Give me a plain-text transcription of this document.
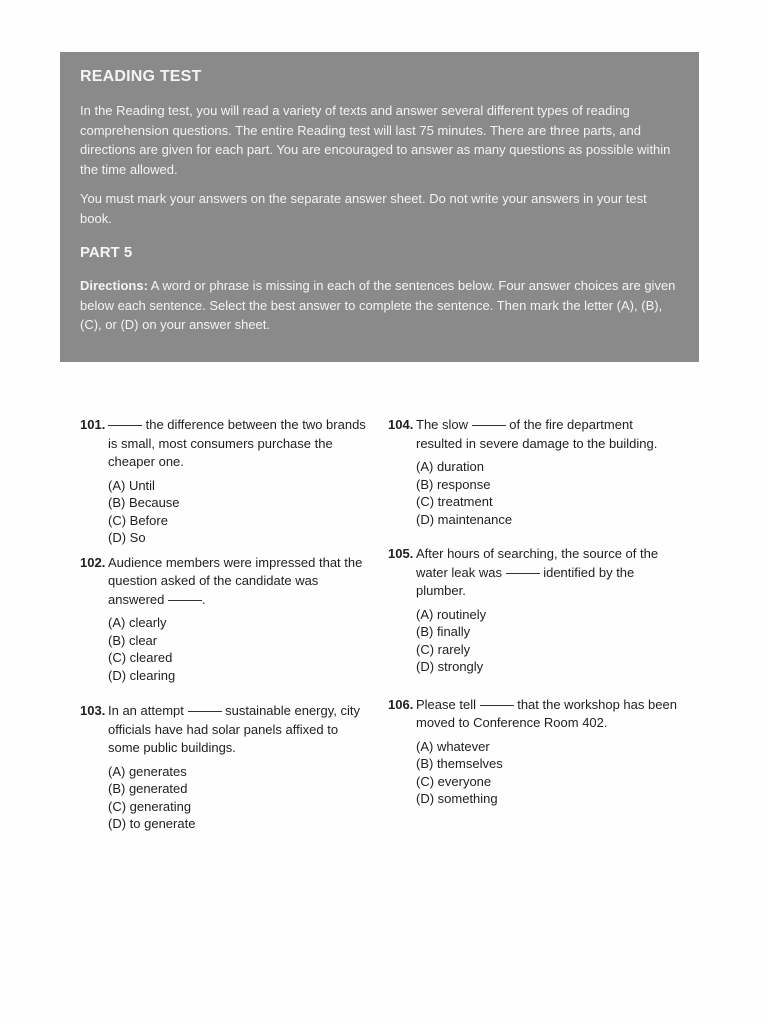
READING TEST

In the Reading test, you will read a variety of texts and answer several different types of reading comprehension questions. The entire Reading test will last 75 minutes. There are three parts, and directions are given for each part. You are encouraged to answer as many questions as possible within the time allowed.

You must mark your answers on the separate answer sheet. Do not write your answers in your test book.

PART 5

Directions: A word or phrase is missing in each of the sentences below. Four answer choices are given below each sentence. Select the best answer to complete the sentence. Then mark the letter (A), (B), (C), or (D) on your answer sheet.

101.	the difference between the two brands is small, most consumers purchase the cheaper one.
(A) Until
(B) Because
(C) Before
(D) So
102. Audience members were impressed that the question asked of the candidate was answered	.
(A) clearly
(B) clear
(C) cleared
(D) clearing
103. In an attempt	sustainable energy, city officials have had solar panels affixed to some public buildings.
(A) generates
(B) generated
(C) generating
(D) to generate
104. The slow	of the fire department resulted in severe damage to the building.
(A) duration
(B) response
(C) treatment
(D) maintenance
105. After hours of searching, the source of the water leak was	identified by the plumber.
(A) routinely
(B) finally
(C) rarely
(D) strongly
106. Please tell	that the workshop has been moved to Conference Room 402.
(A) whatever
(B) themselves
(C) everyone
(D) something
